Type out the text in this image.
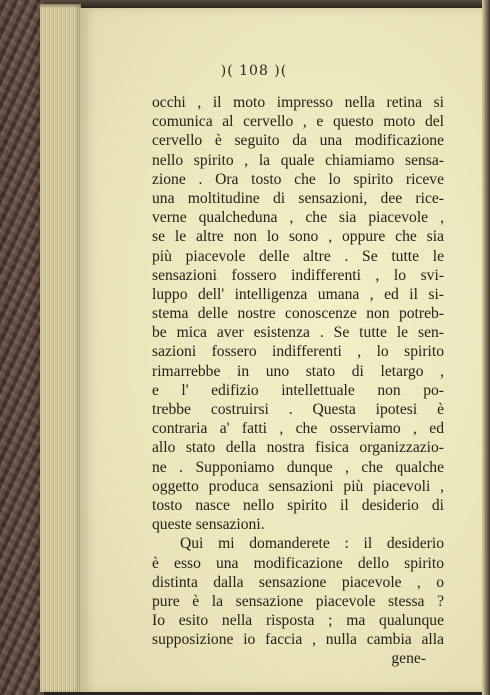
)( 108 )(
occhi , il moto impresso nella retina si
comunica al cervello , e questo moto del
cervello è seguito da una modificazione
nello spirito , la quale chiamiamo sensa-
zione . Ora tosto che lo spirito riceve
una moltitudine di sensazioni, dee rice-
verne qualcheduna , che sia piacevole ,
se le altre non lo sono , oppure che sia
più piacevole delle altre . Se tutte le
sensazioni fossero indifferenti , lo svi-
luppo dell' intelligenza umana , ed il si-
stema delle nostre conoscenze non potreb-
be mica aver esistenza . Se tutte le sen-
sazioni fossero indifferenti , lo spirito
rimarrebbe in uno stato di letargo ,
e l' edifizio intellettuale non po-
trebbe costruirsi . Questa ipotesi è
contraria a' fatti , che osserviamo , ed
allo stato della nostra fisica organizzazio-
ne . Supponiamo dunque , che qualche
oggetto produca sensazioni più piacevoli ,
tosto nasce nello spirito il desiderio di
queste sensazioni.
Qui mi domanderete : il desiderio
è esso una modificazione dello spirito
distinta dalla sensazione piacevole , o
pure è la sensazione piacevole stessa ?
Io esito nella risposta ; ma qualunque
supposizione io faccia , nulla cambia alla
gene-
